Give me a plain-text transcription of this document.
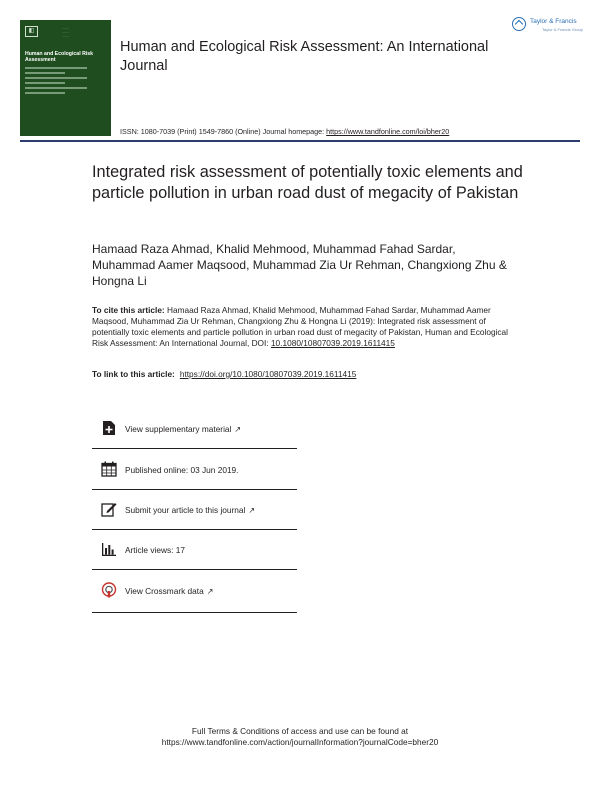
◧	·······
·······
·······
Human and Ecological Risk Assessment
Human and Ecological Risk Assessment: An International Journal
ISSN: 1080-7039 (Print) 1549-7860 (Online) Journal homepage: https://www.tandfonline.com/loi/bher20
Taylor & Francis
Taylor & Francis Group
Integrated risk assessment of potentially toxic elements and particle pollution in urban road dust of megacity of Pakistan
Hamaad Raza Ahmad, Khalid Mehmood, Muhammad Fahad Sardar, Muhammad Aamer Maqsood, Muhammad Zia Ur Rehman, Changxiong Zhu & Hongna Li
To cite this article: Hamaad Raza Ahmad, Khalid Mehmood, Muhammad Fahad Sardar, Muhammad Aamer Maqsood, Muhammad Zia Ur Rehman, Changxiong Zhu & Hongna Li (2019): Integrated risk assessment of potentially toxic elements and particle pollution in urban road dust of megacity of Pakistan, Human and Ecological Risk Assessment: An International Journal, DOI: 10.1080/10807039.2019.1611415
To link to this article: https://doi.org/10.1080/10807039.2019.1611415
View supplementary material ↗
Published online: 03 Jun 2019.
Submit your article to this journal ↗
Article views: 17
View Crossmark data ↗
Full Terms & Conditions of access and use can be found at
https://www.tandfonline.com/action/journalInformation?journalCode=bher20
